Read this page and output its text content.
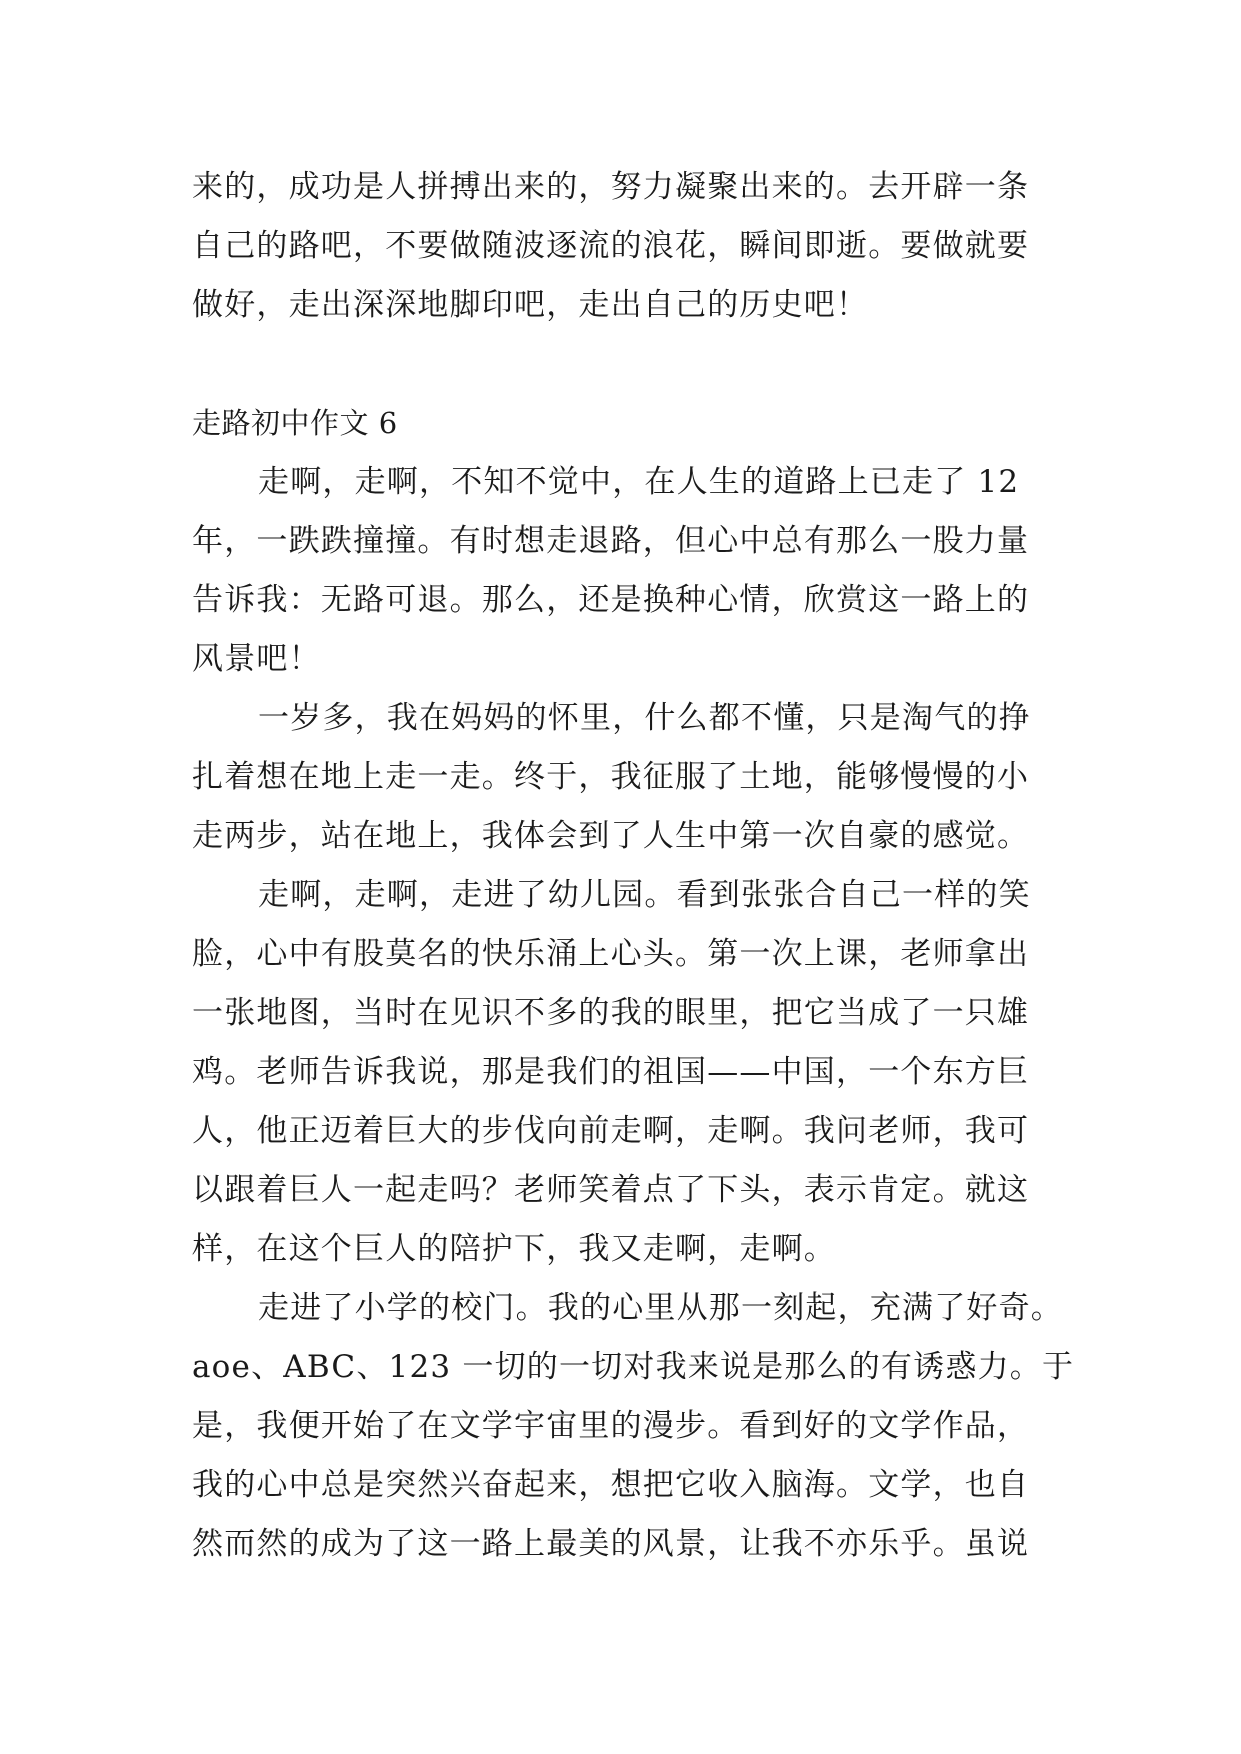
来的，成功是人拼搏出来的，努力凝聚出来的。去开辟一条
自己的路吧，不要做随波逐流的浪花，瞬间即逝。要做就要
做好，走出深深地脚印吧，走出自己的历史吧！
走路初中作文 6
走啊，走啊，不知不觉中，在人生的道路上已走了 12
年，一跌跌撞撞。有时想走退路，但心中总有那么一股力量
告诉我：无路可退。那么，还是换种心情，欣赏这一路上的
风景吧！
一岁多，我在妈妈的怀里，什么都不懂，只是淘气的挣
扎着想在地上走一走。终于，我征服了土地，能够慢慢的小
走两步，站在地上，我体会到了人生中第一次自豪的感觉。
走啊，走啊，走进了幼儿园。看到张张合自己一样的笑
脸，心中有股莫名的快乐涌上心头。第一次上课，老师拿出
一张地图，当时在见识不多的我的眼里，把它当成了一只雄
鸡。老师告诉我说，那是我们的祖国——中国，一个东方巨
人，他正迈着巨大的步伐向前走啊，走啊。我问老师，我可
以跟着巨人一起走吗？老师笑着点了下头，表示肯定。就这
样，在这个巨人的陪护下，我又走啊，走啊。
走进了小学的校门。我的心里从那一刻起，充满了好奇。
aoe、ABC、123 一切的一切对我来说是那么的有诱惑力。于
是，我便开始了在文学宇宙里的漫步。看到好的文学作品，
我的心中总是突然兴奋起来，想把它收入脑海。文学，也自
然而然的成为了这一路上最美的风景，让我不亦乐乎。虽说
